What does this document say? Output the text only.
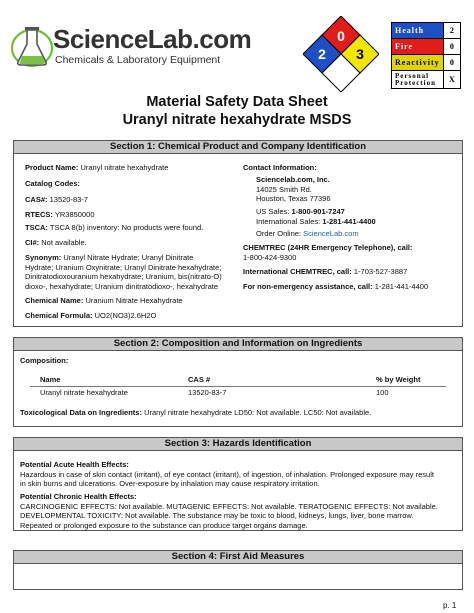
ScienceLab.com
Chemicals & Laboratory Equipment
0
2 3
Health	2
Fire	0
Reactivity	0
Personal Protection	X
Material Safety Data Sheet
Uranyl nitrate hexahydrate MSDS
Section 1: Chemical Product and Company Identification
Product Name: Uranyl nitrate hexahydrate
Catalog Codes:
CAS#: 13520-83-7
RTECS: YR3850000
TSCA: TSCA 8(b) inventory: No products were found.
CI#: Not available.
Synonym: Uranyl Nitrate Hydrate; Uranyl Dinitrate
Hydrate; Uranium Oxynitrate; Uranyl Dinitrate hexahydrate;
Dinitratodioxouranium hexahydrate; Uranium, bis(nitrato-O)
dioxo-, hexahydrate; Uranium dinitratodioxo-, hexahydrate
Chemical Name: Uranium Nitrate Hexahydrate
Chemical Formula: UO2(NO3)2.6H2O
Contact Information:
Sciencelab.com, Inc.
14025 Smith Rd.
Houston, Texas 77396
US Sales: 1-800-901-7247
International Sales: 1-281-441-4400
Order Online: ScienceLab.com
CHEMTREC (24HR Emergency Telephone), call:
1-800-424-9300
International CHEMTREC, call: 1-703-527-3887
For non-emergency assistance, call: 1-281-441-4400
Section 2: Composition and Information on Ingredients
Composition:
Name	CAS #	% by Weight
Uranyl nitrate hexahydrate	13520-83-7	100
Toxicological Data on Ingredients: Uranyl nitrate hexahydrate LD50: Not available. LC50: Not available.
Section 3: Hazards Identification
Potential Acute Health Effects:
Hazardous in case of skin contact (irritant), of eye contact (irritant), of ingestion, of inhalation. Prolonged exposure may result
in skin burns and ulcerations. Over-exposure by inhalation may cause respiratory irritation.
Potential Chronic Health Effects:
CARCINOGENIC EFFECTS: Not available. MUTAGENIC EFFECTS: Not available. TERATOGENIC EFFECTS: Not available.
DEVELOPMENTAL TOXICITY: Not available. The substance may be toxic to blood, kidneys, lungs, liver, bone marrow.
Repeated or prolonged exposure to the substance can produce target organs damage.
Section 4: First Aid Measures
p. 1
